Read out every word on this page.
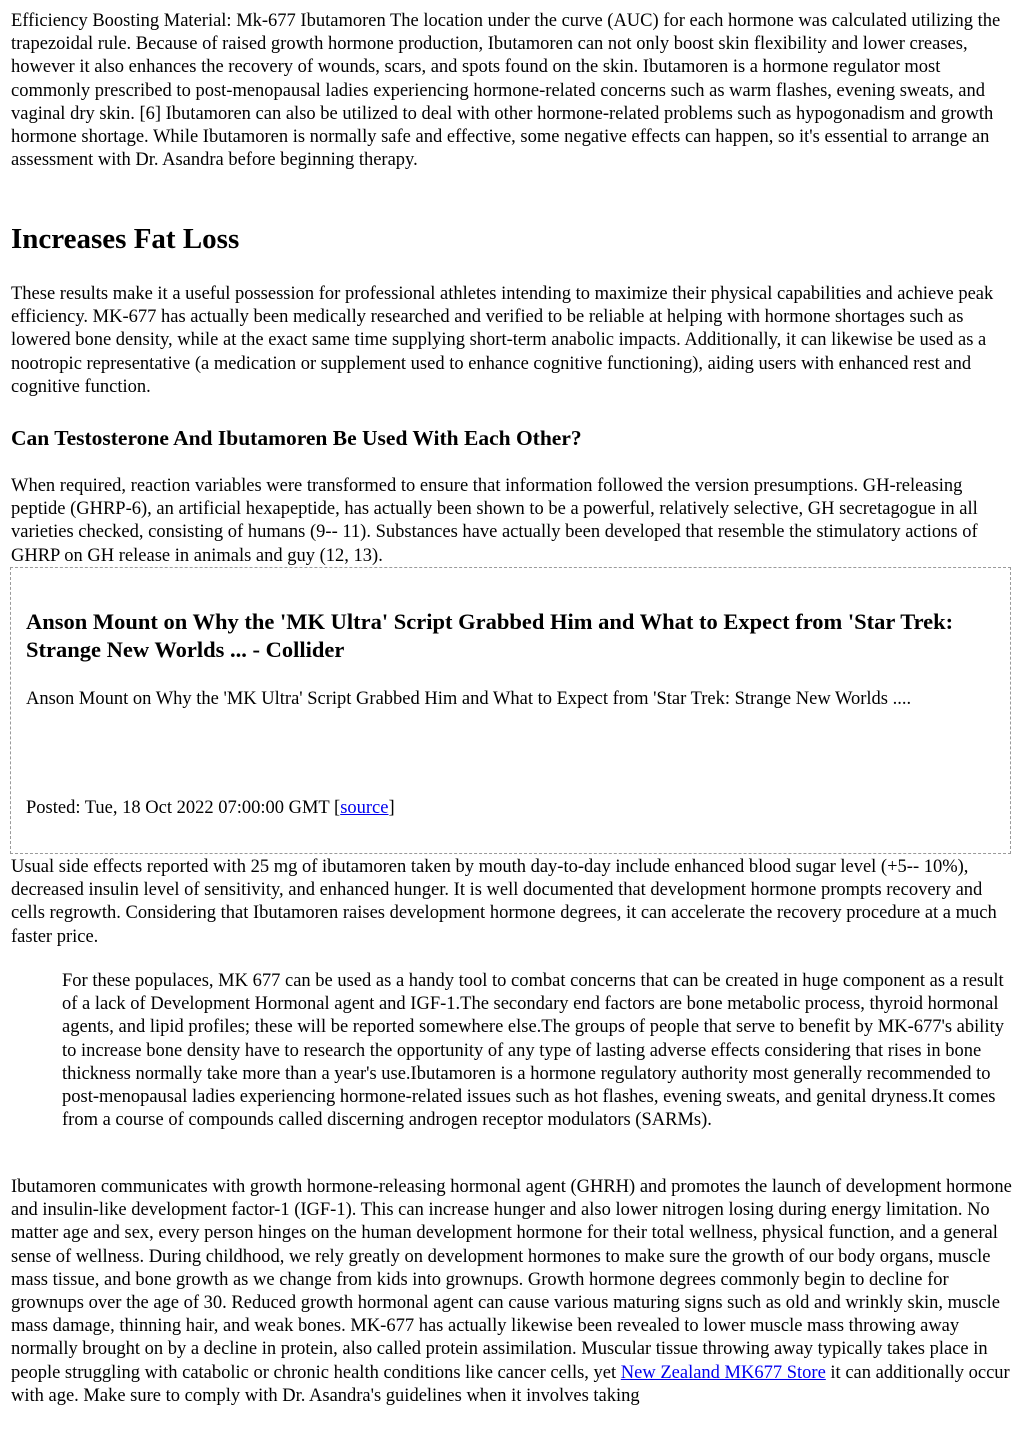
Efficiency Boosting Material: Mk-677 Ibutamoren The location under the curve (AUC) for each hormone was calculated utilizing the trapezoidal rule. Because of raised growth hormone production, Ibutamoren can not only boost skin flexibility and lower creases, however it also enhances the recovery of wounds, scars, and spots found on the skin. Ibutamoren is a hormone regulator most commonly prescribed to post-menopausal ladies experiencing hormone-related concerns such as warm flashes, evening sweats, and vaginal dry skin. [6] Ibutamoren can also be utilized to deal with other hormone-related problems such as hypogonadism and growth hormone shortage. While Ibutamoren is normally safe and effective, some negative effects can happen, so it's essential to arrange an assessment with Dr. Asandra before beginning therapy.

Increases Fat Loss

These results make it a useful possession for professional athletes intending to maximize their physical capabilities and achieve peak efficiency. MK-677 has actually been medically researched and verified to be reliable at helping with hormone shortages such as lowered bone density, while at the exact same time supplying short-term anabolic impacts. Additionally, it can likewise be used as a nootropic representative (a medication or supplement used to enhance cognitive functioning), aiding users with enhanced rest and cognitive function.

Can Testosterone And Ibutamoren Be Used With Each Other?

When required, reaction variables were transformed to ensure that information followed the version presumptions. GH-releasing peptide (GHRP-6), an artificial hexapeptide, has actually been shown to be a powerful, relatively selective, GH secretagogue in all varieties checked, consisting of humans (9-- 11). Substances have actually been developed that resemble the stimulatory actions of GHRP on GH release in animals and guy (12, 13).

Anson Mount on Why the 'MK Ultra' Script Grabbed Him and What to Expect from 'Star Trek: Strange New Worlds ... - Collider

Anson Mount on Why the 'MK Ultra' Script Grabbed Him and What to Expect from 'Star Trek: Strange New Worlds ....

Posted: Tue, 18 Oct 2022 07:00:00 GMT [source]

Usual side effects reported with 25 mg of ibutamoren taken by mouth day-to-day include enhanced blood sugar level (+5-- 10%), decreased insulin level of sensitivity, and enhanced hunger. It is well documented that development hormone prompts recovery and cells regrowth. Considering that Ibutamoren raises development hormone degrees, it can accelerate the recovery procedure at a much faster price.

For these populaces, MK 677 can be used as a handy tool to combat concerns that can be created in huge component as a result of a lack of Development Hormonal agent and IGF-1.The secondary end factors are bone metabolic process, thyroid hormonal agents, and lipid profiles; these will be reported somewhere else.The groups of people that serve to benefit by MK-677's ability to increase bone density have to research the opportunity of any type of lasting adverse effects considering that rises in bone thickness normally take more than a year's use.Ibutamoren is a hormone regulatory authority most generally recommended to post-menopausal ladies experiencing hormone-related issues such as hot flashes, evening sweats, and genital dryness.It comes from a course of compounds called discerning androgen receptor modulators (SARMs).

Ibutamoren communicates with growth hormone-releasing hormonal agent (GHRH) and promotes the launch of development hormone and insulin-like development factor-1 (IGF-1). This can increase hunger and also lower nitrogen losing during energy limitation. No matter age and sex, every person hinges on the human development hormone for their total wellness, physical function, and a general sense of wellness. During childhood, we rely greatly on development hormones to make sure the growth of our body organs, muscle mass tissue, and bone growth as we change from kids into grownups. Growth hormone degrees commonly begin to decline for grownups over the age of 30. Reduced growth hormonal agent can cause various maturing signs such as old and wrinkly skin, muscle mass damage, thinning hair, and weak bones. MK-677 has actually likewise been revealed to lower muscle mass throwing away normally brought on by a decline in protein, also called protein assimilation. Muscular tissue throwing away typically takes place in people struggling with catabolic or chronic health conditions like cancer cells, yet New Zealand MK677 Store it can additionally occur with age. Make sure to comply with Dr. Asandra's guidelines when it involves taking
